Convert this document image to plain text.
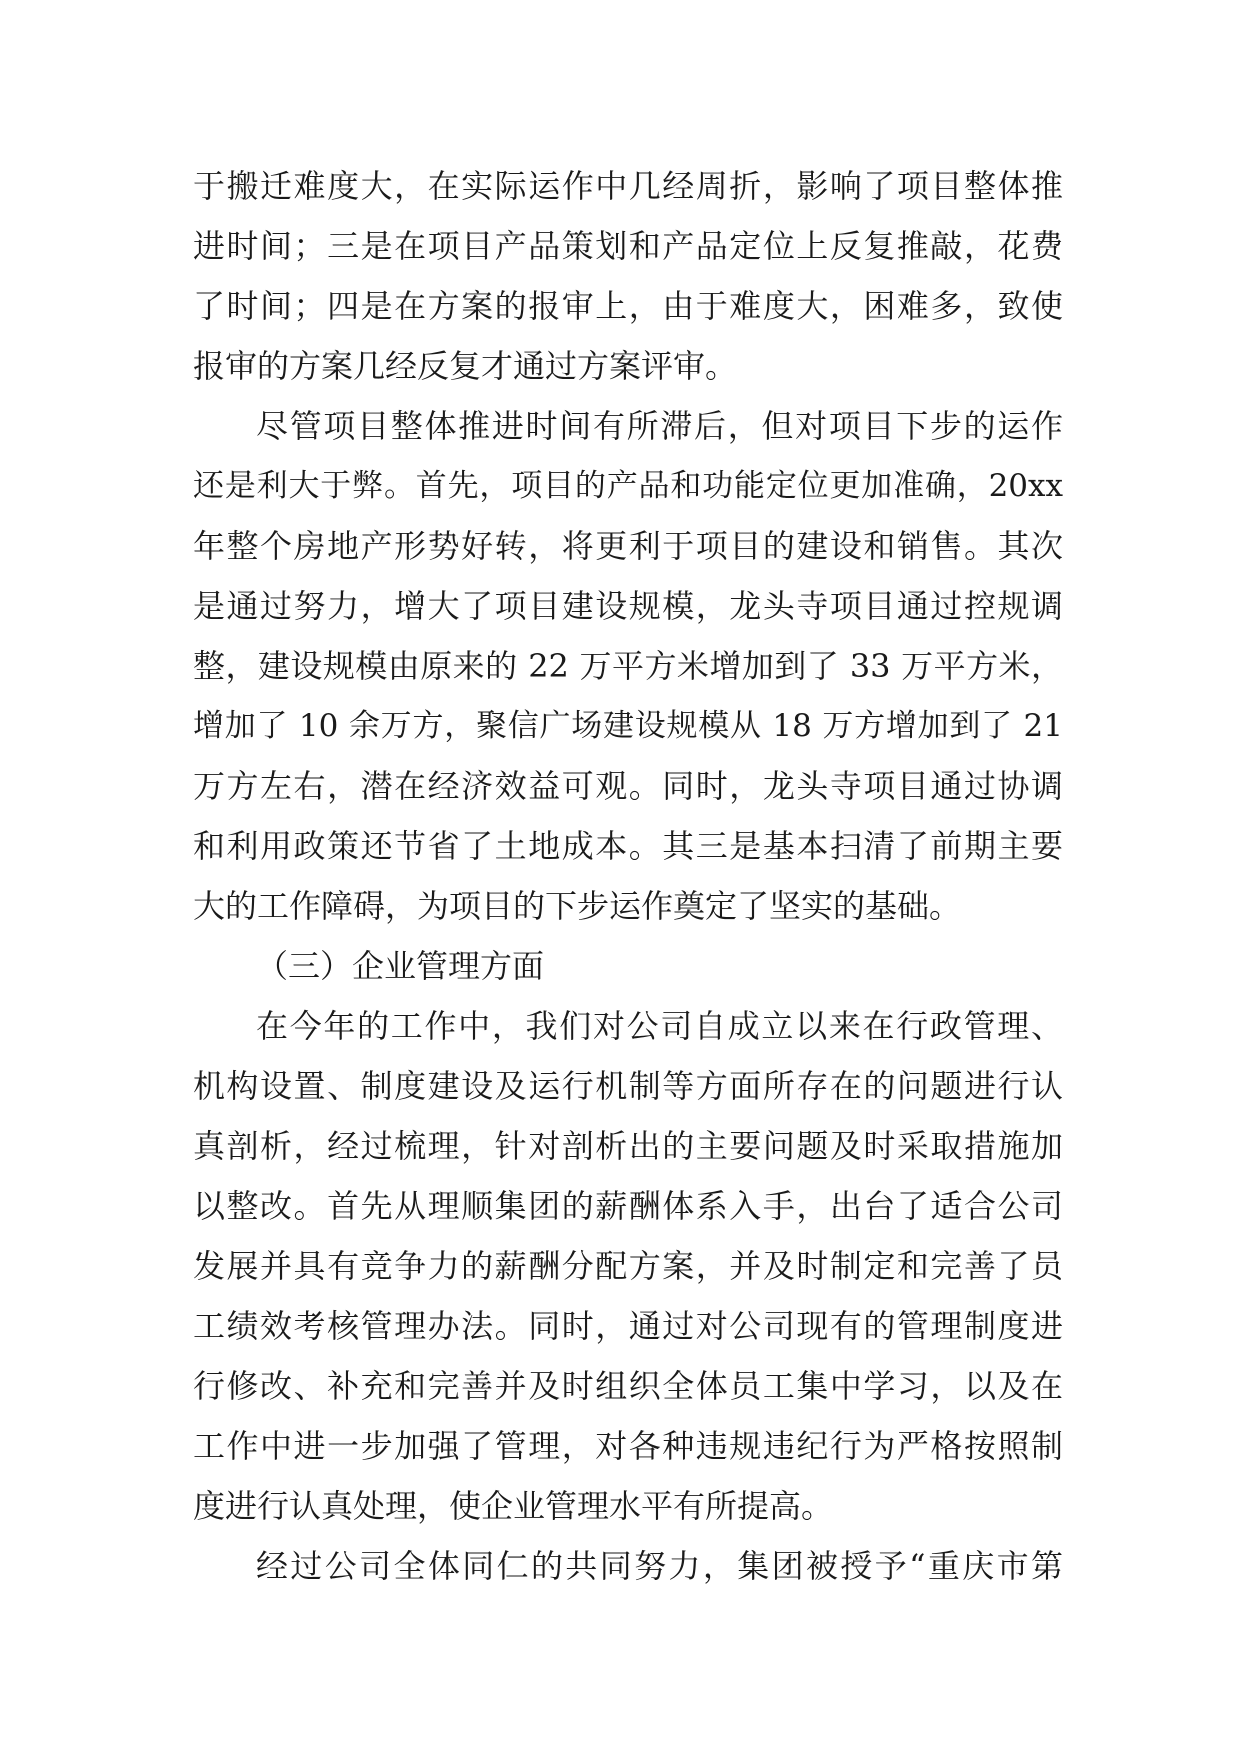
于搬迁难度大，在实际运作中几经周折，影响了项目整体推
进时间；三是在项目产品策划和产品定位上反复推敲，花费
了时间；四是在方案的报审上，由于难度大，困难多，致使
报审的方案几经反复才通过方案评审。
尽管项目整体推进时间有所滞后，但对项目下步的运作
还是利大于弊。首先，项目的产品和功能定位更加准确，20xx
年整个房地产形势好转，将更利于项目的建设和销售。其次
是通过努力，增大了项目建设规模，龙头寺项目通过控规调
整，建设规模由原来的 22 万平方米增加到了 33 万平方米，
增加了 10 余万方，聚信广场建设规模从 18 万方增加到了 21
万方左右，潜在经济效益可观。同时，龙头寺项目通过协调
和利用政策还节省了土地成本。其三是基本扫清了前期主要
大的工作障碍，为项目的下步运作奠定了坚实的基础。
（三）企业管理方面
在今年的工作中，我们对公司自成立以来在行政管理、
机构设置、制度建设及运行机制等方面所存在的问题进行认
真剖析，经过梳理，针对剖析出的主要问题及时采取措施加
以整改。首先从理顺集团的薪酬体系入手，出台了适合公司
发展并具有竞争力的薪酬分配方案，并及时制定和完善了员
工绩效考核管理办法。同时，通过对公司现有的管理制度进
行修改、补充和完善并及时组织全体员工集中学习，以及在
工作中进一步加强了管理，对各种违规违纪行为严格按照制
度进行认真处理，使企业管理水平有所提高。
经过公司全体同仁的共同努力，集团被授予“重庆市第
